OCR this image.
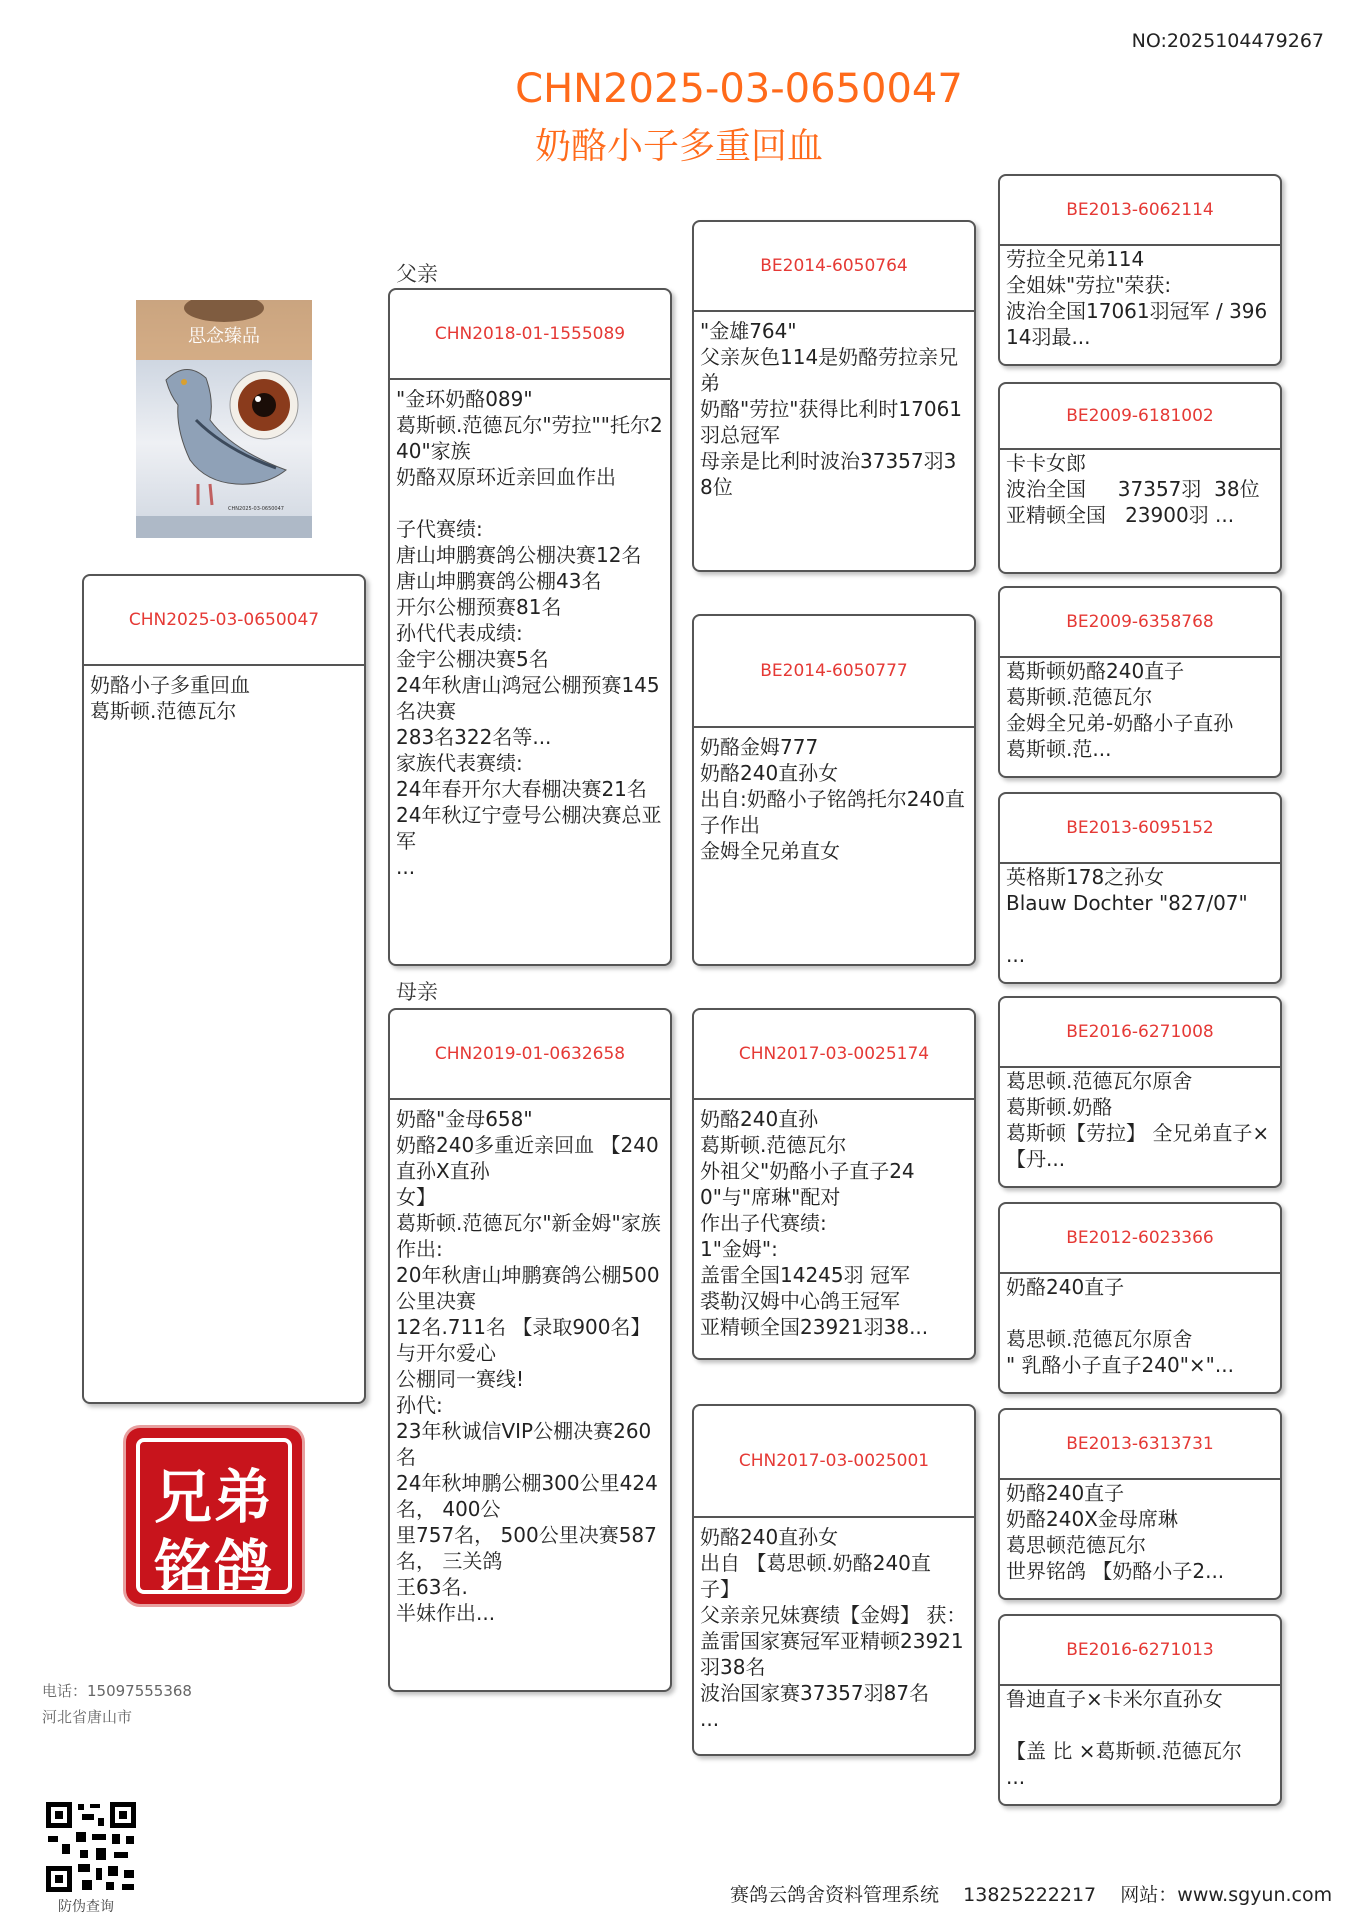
NO:2025104479267
CHN2025-03-0650047
奶酪小子多重回血
思念臻品
CHN2025-03-0650047
父亲
母亲
CHN2025-03-0650047
奶酪小子多重回血
葛斯顿.范德瓦尔
CHN2018-01-1555089
"金环奶酪089"
葛斯顿.范德瓦尔"劳拉""托尔240"家族
奶酪双原环近亲回血作出

子代赛绩:
唐山坤鹏赛鸽公棚决赛12名
唐山坤鹏赛鸽公棚43名
开尔公棚预赛81名
孙代代表成绩:
金宇公棚决赛5名
24年秋唐山鸿冠公棚预赛145名决赛
283名322名等...
家族代表赛绩:
24年春开尔大春棚决赛21名
24年秋辽宁壹号公棚决赛总亚军
...
CHN2019-01-0632658
奶酪"金母658"
奶酪240多重近亲回血 【240直孙X直孙
女】
葛斯顿.范德瓦尔"新金姆"家族
作出:
20年秋唐山坤鹏赛鸽公棚500公里决赛
12名.711名 【录取900名】 与开尔爱心
公棚同一赛线!
孙代:
23年秋诚信VIP公棚决赛260名
24年秋坤鹏公棚300公里424名， 400公
里757名， 500公里决赛587名， 三关鸽
王63名.
半妹作出...
BE2014-6050764
"金雄764"
父亲灰色114是奶酪劳拉亲兄弟
奶酪"劳拉"获得比利时17061羽总冠军
母亲是比利时波治37357羽38位
BE2014-6050777
奶酪金姆777
奶酪240直孙女
出自:奶酪小子铭鸽托尔240直子作出
金姆全兄弟直女
CHN2017-03-0025174
奶酪240直孙
葛斯顿.范德瓦尔
外祖父"奶酪小子直子240"与"席琳"配对
作出子代赛绩:
1"金姆":
盖雷全国14245羽 冠军
裘勒汉姆中心鸽王冠军
亚精顿全国23921羽38...
CHN2017-03-0025001
奶酪240直孙女
出自 【葛思顿.奶酪240直子】
父亲亲兄妹赛绩【金姆】 获：
盖雷国家赛冠军亚精顿23921羽38名
波治国家赛37357羽87名
...
BE2013-6062114
劳拉全兄弟114
全姐妹"劳拉"荣获:
波治全国17061羽冠军 / 39614羽最...
BE2009-6181002
卡卡女郎
波治全国     37357羽  38位
亚精顿全国   23900羽 ...
BE2009-6358768
葛斯顿奶酪240直子
葛斯顿.范德瓦尔
金姆全兄弟-奶酪小子直孙
葛斯顿.范...
BE2013-6095152
英格斯178之孙女
Blauw Dochter "827/07"

...
BE2016-6271008
葛思顿.范德瓦尔原舍
葛斯顿.奶酪
葛斯顿【劳拉】 全兄弟直子× 【丹...
BE2012-6023366
奶酪240直子

葛思顿.范德瓦尔原舍
" 乳酪小子直子240"×"...
BE2013-6313731
奶酪240直子
奶酪240X金母席琳
葛思顿范德瓦尔
世界铭鸽 【奶酪小子2...
BE2016-6271013
鲁迪直子×卡米尔直孙女

【盖 比 ×葛斯顿.范德瓦尔
...
兄弟
铭鸽
电话：15097555368
河北省唐山市
防伪查询
赛鸽云鸽舍资料管理系统    13825222217    网站：www.sgyun.com
